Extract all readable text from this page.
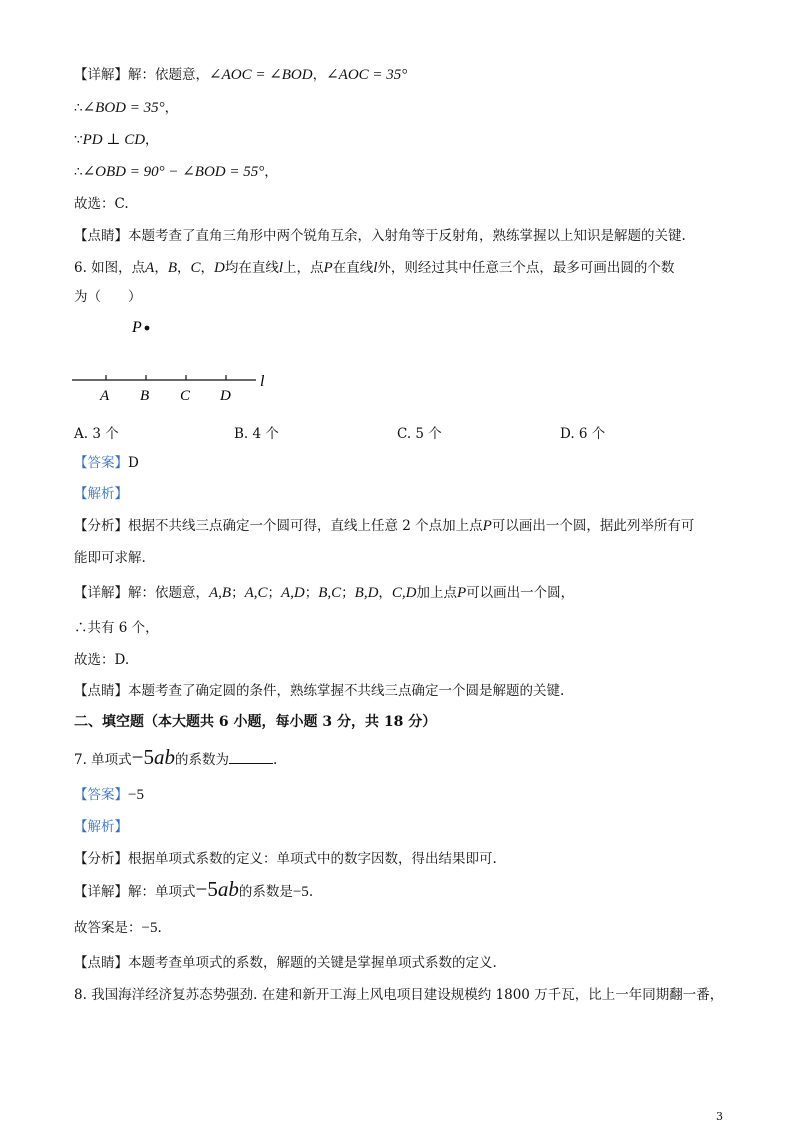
【详解】解：依题意，∠AOC = ∠BOD，∠AOC = 35°
∴∠BOD = 35°，
∵PD ⊥ CD，
∴∠OBD = 90° − ∠BOD = 55°，
故选：C.
【点睛】本题考查了直角三角形中两个锐角互余，入射角等于反射角，熟练掌握以上知识是解题的关键.
6. 如图，点A，B，C，D均在直线l上，点P在直线l外，则经过其中任意三个点，最多可画出圆的个数
为（　　）
P
l
A B C D
A. 3 个	B. 4 个	C. 5 个	D. 6 个
【答案】D
【解析】
【分析】根据不共线三点确定一个圆可得，直线上任意 2 个点加上点P可以画出一个圆，据此列举所有可
能即可求解.
【详解】解：依题意，A,B；A,C；A,D；B,C；B,D，C,D加上点P可以画出一个圆，
∴共有 6 个，
故选：D.
【点睛】本题考查了确定圆的条件，熟练掌握不共线三点确定一个圆是解题的关键.
二、填空题（本大题共 6 小题，每小题 3 分，共 18 分）
7. 单项式−5ab的系数为	.
【答案】−5
【解析】
【分析】根据单项式系数的定义：单项式中的数字因数，得出结果即可.
【详解】解：单项式−5ab的系数是−5.
故答案是：−5.
【点睛】本题考查单项式的系数，解题的关键是掌握单项式系数的定义.
8. 我国海洋经济复苏态势强劲. 在建和新开工海上风电项目建设规模约 1800 万千瓦，比上一年同期翻一番，
3
